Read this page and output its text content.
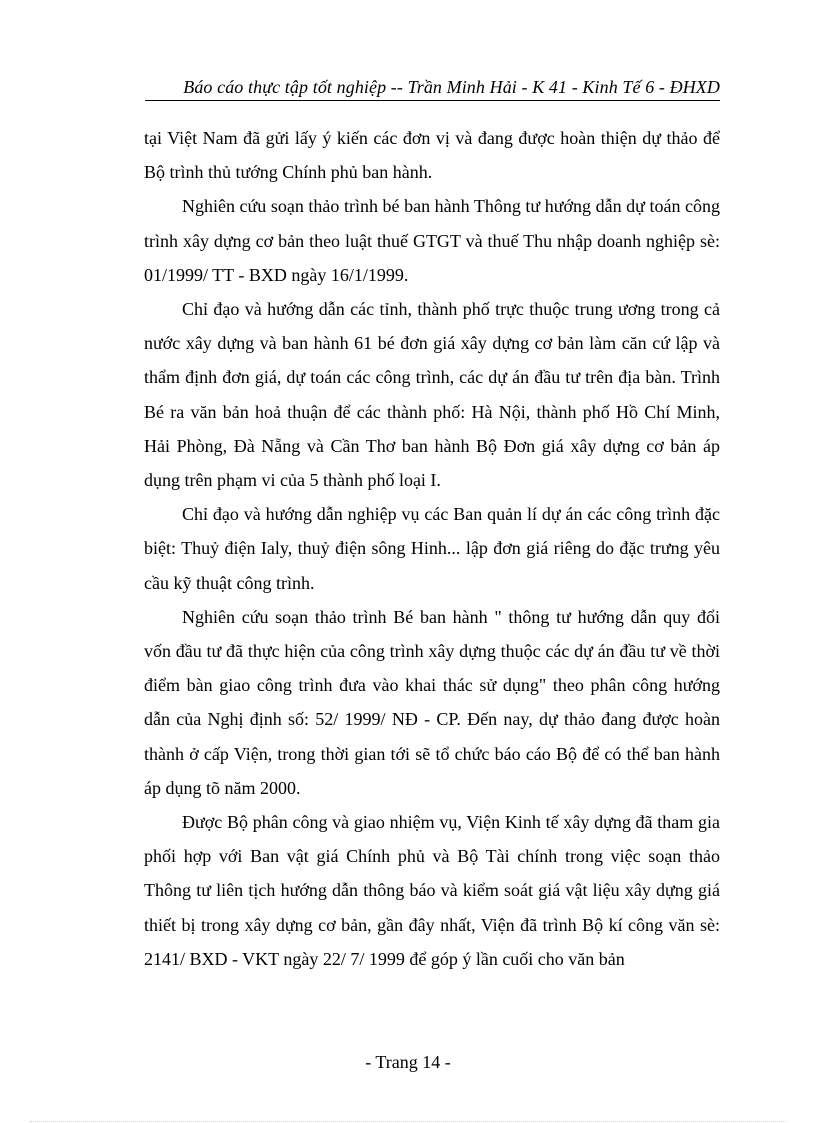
Báo cáo thực tập tốt nghiệp -- Trần Minh Hải - K 41 - Kinh Tế 6 - ĐHXD

tại Việt Nam đã gửi lấy ý kiến các đơn vị và đang được hoàn thiện dự thảo để Bộ trình thủ tướng Chính phủ ban hành.

Nghiên cứu soạn thảo trình bé ban hành Thông tư hướng dẫn dự toán công trình xây dựng cơ bản theo luật thuế GTGT và thuế Thu nhập doanh nghiệp sè: 01/1999/ TT - BXD ngày 16/1/1999.

Chỉ đạo và hướng dẫn các tỉnh, thành phố trực thuộc trung ương trong cả nước xây dựng và ban hành 61 bé đơn giá xây dựng cơ bản làm căn cứ lập và thẩm định đơn giá, dự toán các công trình, các dự án đầu tư trên địa bàn. Trình Bé ra văn bản hoả thuận để các thành phố: Hà Nội, thành phố Hồ Chí Minh, Hải Phòng, Đà Nẵng và Cần Thơ ban hành Bộ Đơn giá xây dựng cơ bản áp dụng trên phạm vi của 5 thành phố loại I.

Chỉ đạo và hướng dẫn nghiệp vụ các Ban quản lí dự án các công trình đặc biệt: Thuỷ điện Ialy, thuỷ điện sông Hinh... lập đơn giá riêng do đặc trưng yêu cầu kỹ thuật công trình.

Nghiên cứu soạn thảo trình Bé ban hành " thông tư hướng dẫn quy đổi vốn đầu tư đã thực hiện của công trình xây dựng thuộc các dự án đầu tư về thời điểm bàn giao công trình đưa vào khai thác sử dụng" theo phân công hướng dẫn của Nghị định số: 52/ 1999/ NĐ - CP. Đến nay, dự thảo đang được hoàn thành ở cấp Viện, trong thời gian tới sẽ tổ chức báo cáo Bộ để có thể ban hành áp dụng tõ năm 2000.

Được Bộ phân công và giao nhiệm vụ, Viện Kinh tế xây dựng đã tham gia phối hợp với Ban vật giá Chính phủ và Bộ Tài chính trong việc soạn thảo Thông tư liên tịch hướng dẫn thông báo và kiểm soát giá vật liệu xây dựng giá thiết bị trong xây dựng cơ bản, gần đây nhất, Viện đã trình Bộ kí công văn sè: 2141/ BXD - VKT ngày 22/ 7/ 1999 để góp ý lần cuối cho văn bản

- Trang 14 -
